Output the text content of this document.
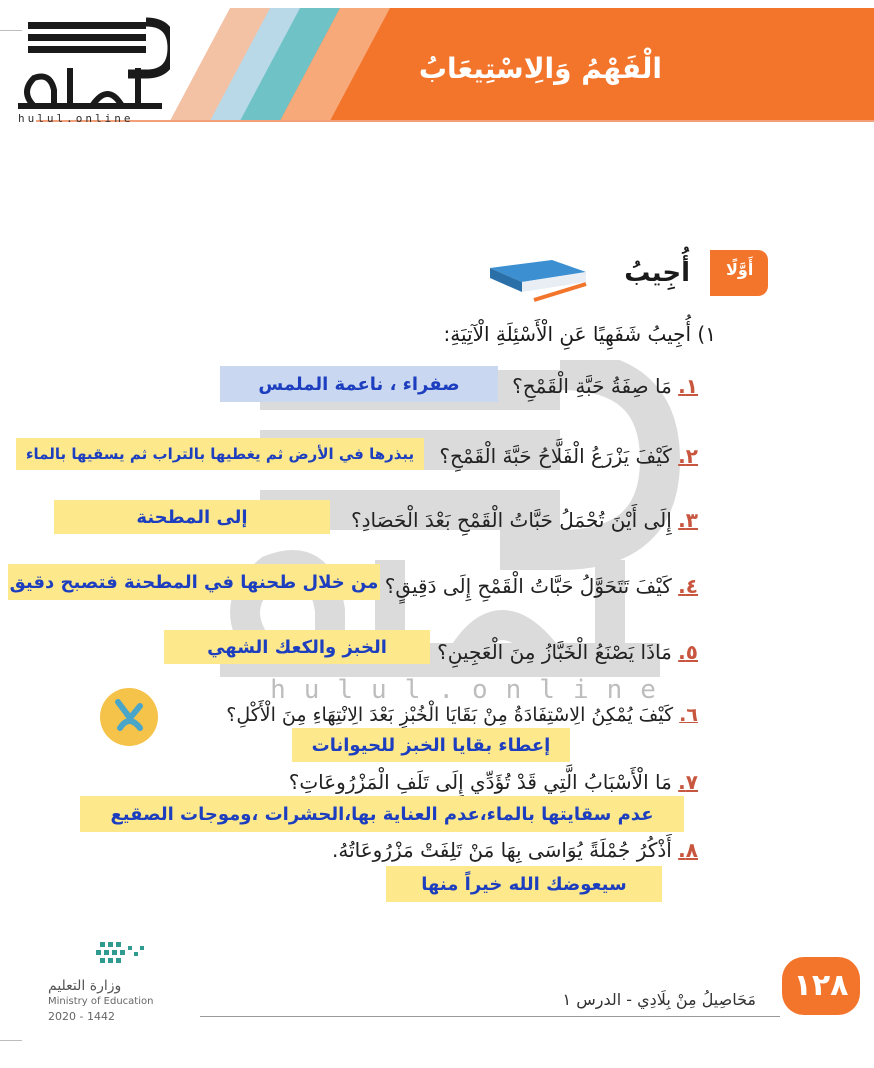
الْفَهْمُ وَالِاسْتِيعَابُ
hulul.online
hulul.online
أَوَّلًا
أُجِيبُ
١) أُجِيبُ شَفَهِيًا عَنِ الْأَسْئِلَةِ الْآتِيَةِ:
١. مَا صِفَةُ حَبَّةِ الْقَمْحِ؟
صفراء ، ناعمة الملمس
٢. كَيْفَ يَزْرَعُ الْفَلَّاحُ حَبَّةَ الْقَمْحِ؟
يبذرها في الأرض ثم يغطيها بالتراب ثم يسقيها بالماء
٣. إِلَى أَيْنَ تُحْمَلُ حَبَّاتُ الْقَمْحِ بَعْدَ الْحَصَادِ؟
إلى المطحنة
٤. كَيْفَ تَتَحَوَّلُ حَبَّاتُ الْقَمْحِ إِلَى دَقِيقٍ؟
من خلال طحنها في المطحنة فتصبح دقيق
٥. مَاذَا يَصْنَعُ الْخَبَّازُ مِنَ الْعَجِينِ؟
الخبز والكعك الشهي
٦. كَيْفَ يُمْكِنُ الِاسْتِفَادَةُ مِنْ بَقَايَا الْخُبْزِ بَعْدَ الِانْتِهَاءِ مِنَ الْأَكْلِ؟
إعطاء بقايا الخبز للحيوانات
٧. مَا الْأَسْبَابُ الَّتِي قَدْ تُؤَدِّي إِلَى تَلَفِ الْمَزْرُوعَاتِ؟
عدم سقايتها بالماء،عدم العناية بها،الحشرات ،وموجات الصقيع
٨. أَذْكُرُ جُمْلَةً يُوَاسَى بِهَا مَنْ تَلِفَتْ مَزْرُوعَاتُهُ.
سيعوضك الله خيراً منها
وزارة التعليم
Ministry of Education
2020 - 1442
مَحَاصِيلُ مِنْ بِلَادِي - الدرس ١	١٢٨
